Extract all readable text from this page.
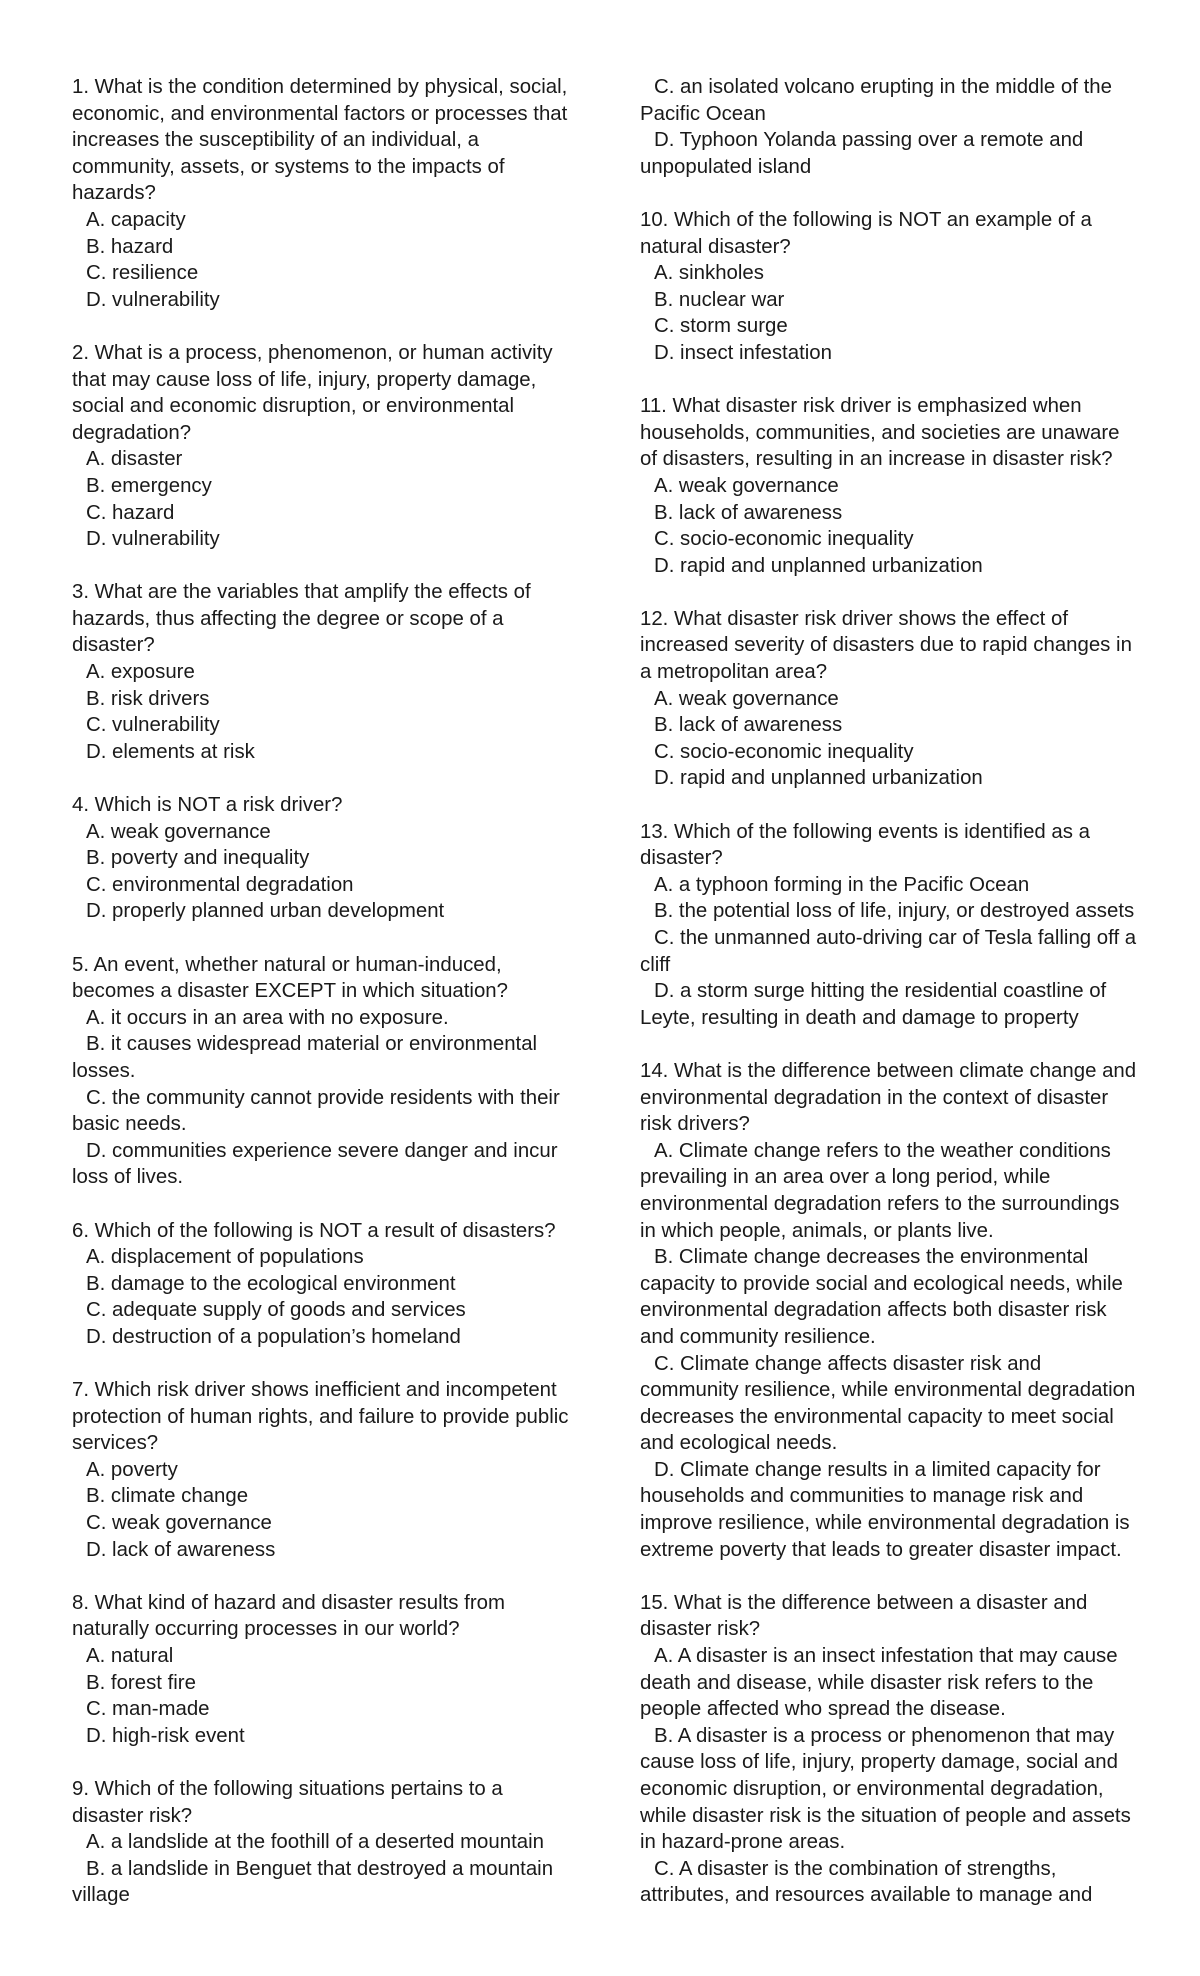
1. What is the condition determined by physical, social, economic, and environmental factors or processes that increases the susceptibility of an individual, a community, assets, or systems to the impacts of hazards?
A. capacity
B. hazard
C. resilience
D. vulnerability
2. What is a process, phenomenon, or human activity that may cause loss of life, injury, property damage, social and economic disruption, or environmental degradation?
A. disaster
B. emergency
C. hazard
D. vulnerability
3. What are the variables that amplify the effects of hazards, thus affecting the degree or scope of a disaster?
A. exposure
B. risk drivers
C. vulnerability
D. elements at risk
4. Which is NOT a risk driver?
A. weak governance
B. poverty and inequality
C. environmental degradation
D. properly planned urban development
5. An event, whether natural or human-induced, becomes a disaster EXCEPT in which situation?
A. it occurs in an area with no exposure.
B. it causes widespread material or environmental losses.
C. the community cannot provide residents with their basic needs.
D. communities experience severe danger and incur loss of lives.
6. Which of the following is NOT a result of disasters?
A. displacement of populations
B. damage to the ecological environment
C. adequate supply of goods and services
D. destruction of a population’s homeland
7. Which risk driver shows inefficient and incompetent protection of human rights, and failure to provide public services?
A. poverty
B. climate change
C. weak governance
D. lack of awareness
8. What kind of hazard and disaster results from naturally occurring processes in our world?
A. natural
B. forest fire
C. man-made
D. high-risk event
9. Which of the following situations pertains to a disaster risk?
A. a landslide at the foothill of a deserted mountain
B. a landslide in Benguet that destroyed a mountain village
C. an isolated volcano erupting in the middle of the Pacific Ocean
D. Typhoon Yolanda passing over a remote and unpopulated island
10. Which of the following is NOT an example of a natural disaster?
A. sinkholes
B. nuclear war
C. storm surge
D. insect infestation
11. What disaster risk driver is emphasized when households, communities, and societies are unaware of disasters, resulting in an increase in disaster risk?
A. weak governance
B. lack of awareness
C. socio-economic inequality
D. rapid and unplanned urbanization
12. What disaster risk driver shows the effect of increased severity of disasters due to rapid changes in a metropolitan area?
A. weak governance
B. lack of awareness
C. socio-economic inequality
D. rapid and unplanned urbanization
13. Which of the following events is identified as a disaster?
A. a typhoon forming in the Pacific Ocean
B. the potential loss of life, injury, or destroyed assets
C. the unmanned auto-driving car of Tesla falling off a cliff
D. a storm surge hitting the residential coastline of Leyte, resulting in death and damage to property
14. What is the difference between climate change and environmental degradation in the context of disaster risk drivers?
A. Climate change refers to the weather conditions prevailing in an area over a long period, while environmental degradation refers to the surroundings in which people, animals, or plants live.
B. Climate change decreases the environmental capacity to provide social and ecological needs, while environmental degradation affects both disaster risk and community resilience.
C. Climate change affects disaster risk and community resilience, while environmental degradation decreases the environmental capacity to meet social and ecological needs.
D. Climate change results in a limited capacity for households and communities to manage risk and improve resilience, while environmental degradation is extreme poverty that leads to greater disaster impact.
15. What is the difference between a disaster and disaster risk?
A. A disaster is an insect infestation that may cause death and disease, while disaster risk refers to the people affected who spread the disease.
B. A disaster is a process or phenomenon that may cause loss of life, injury, property damage, social and economic disruption, or environmental degradation, while disaster risk is the situation of people and assets in hazard-prone areas.
C. A disaster is the combination of strengths, attributes, and resources available to manage and
